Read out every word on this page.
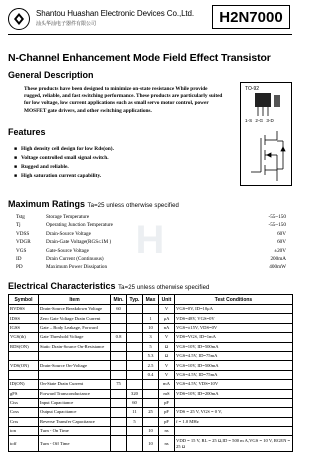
Shantou Huashan Electronic Devices Co.,Ltd.
汕头华汕电子器件有限公司	H2N7000
N-Channel Enhancement Mode Field Effect Transistor
General Description
These products have been designed to minimize on-state resistance While provide rugged, reliable, and fast switching performance. These products are particularly suited for low voltage, low current applications such as small servo motor control, power MOSFET gate drivers, and other switching applications.
TO-92
1-S 2-G 3-D
Features
■ High density cell design for low Rds(on).
■ Voltage controlled small signal switch.
■ Rugged and reliable.
■ High saturation current capability.
Maximum Ratings Ta=25 unless otherwise specified
H
Tstg	Storage Temperature	-55~150
Tj	Operating Junction Temperature	-55~150
VDSS	Drain-Source Voltage	60V
VDGR	Drain-Gate Voltage(RGS≤1M )	60V
VGS	Gate-Source Voltage	±20V
ID	Drain Current (Continuous)	200mA
PD	Maximum Power Dissipation	400mW
Electrical Characteristics Ta=25 unless otherwise specified
Symbol	Item	Min.	Typ.	Max	Unit	Test Conditions
BVDSS	Drain-Source Breakdown Voltage	60			V	VGS=0V, ID=10μA
IDSS	Zero Gate Voltage Drain Current			1	μA	VDS=48V, VGS=0V
IGSS	Gate – Body Leakage, Forward			10	nA	VGS=±15V, VDS=0V
VGS(th)	Gate Threshold Voltage	0.8		3	V	VDS=VGS, ID=1mA
RDS(ON)	Static Drain-Source On-Resistance			5	Ω	VGS=10V, ID=500mA
				5.3	Ω	VGS=4.5V, ID=75mA
VDS(ON)	Drain-Source On-Voltage			2.5	V	VGS=10V, ID=500mA
				0.4	V	VGS=4.5V, ID=75mA
ID(ON)	On-State Drain Current	75			mA	VGS=4.5V, VDS=10V
gFS	Forward Transconductance		320		mS	VDS=10V, ID=200mA
Ciss	Input Capacitance		60		pF	
Coss	Output Capacitance		11	25	pF	VDS = 25 V, VGS = 0 V,
Crss	Reverse Transfer Capacitance		5		pF	f = 1.0 MHz
ton	Turn - On Time			10	ns	
toff	Turn - Off Time			10	ns	VDD = 15 V, RL = 25 Ω,ID = 500 m A,VGS = 10 V, RGEN = 25 Ω
